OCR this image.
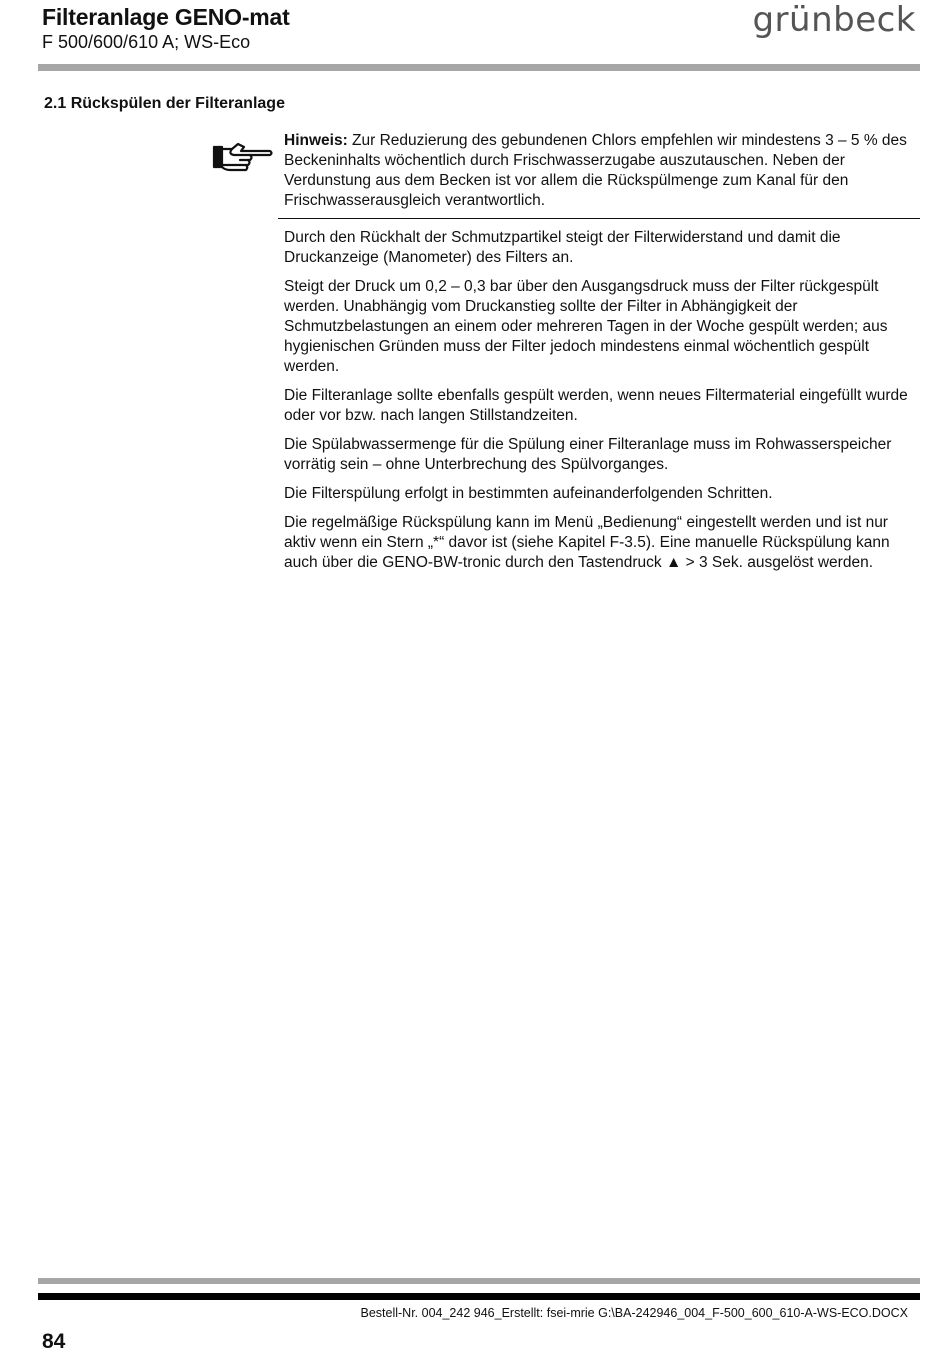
Filteranlage GENO-mat
F 500/600/610 A; WS-Eco
grünbeck
2.1 Rückspülen der Filteranlage
Hinweis: Zur Reduzierung des gebundenen Chlors empfehlen wir mindestens 3 – 5 % des Beckeninhalts wöchentlich durch Frischwasserzugabe auszutauschen. Neben der Verdunstung aus dem Becken ist vor allem die Rückspülmenge zum Kanal für den Frischwasserausgleich verantwortlich.

Durch den Rückhalt der Schmutzpartikel steigt der Filterwiderstand und damit die Druckanzeige (Manometer) des Filters an.

Steigt der Druck um 0,2 – 0,3 bar über den Ausgangsdruck muss der Filter rückgespült werden. Unabhängig vom Druckanstieg sollte der Filter in Abhängigkeit der Schmutzbelastungen an einem oder mehreren Tagen in der Woche gespült werden; aus hygienischen Gründen muss der Filter jedoch mindestens einmal wöchentlich gespült werden.

Die Filteranlage sollte ebenfalls gespült werden, wenn neues Filtermaterial eingefüllt wurde oder vor bzw. nach langen Stillstandzeiten.

Die Spülabwassermenge für die Spülung einer Filteranlage muss im Rohwasserspeicher vorrätig sein – ohne Unterbrechung des Spülvorganges.

Die Filterspülung erfolgt in bestimmten aufeinanderfolgenden Schritten.

Die regelmäßige Rückspülung kann im Menü „Bedienung“ eingestellt werden und ist nur aktiv wenn ein Stern „*“ davor ist (siehe Kapitel F-3.5). Eine manuelle Rückspülung kann auch über die GENO-BW-tronic durch den Tastendruck ▲ > 3 Sek. ausgelöst werden.

Bestell-Nr. 004_242 946_Erstellt: fsei-mrie G:\BA-242946_004_F-500_600_610-A-WS-ECO.DOCX
84
